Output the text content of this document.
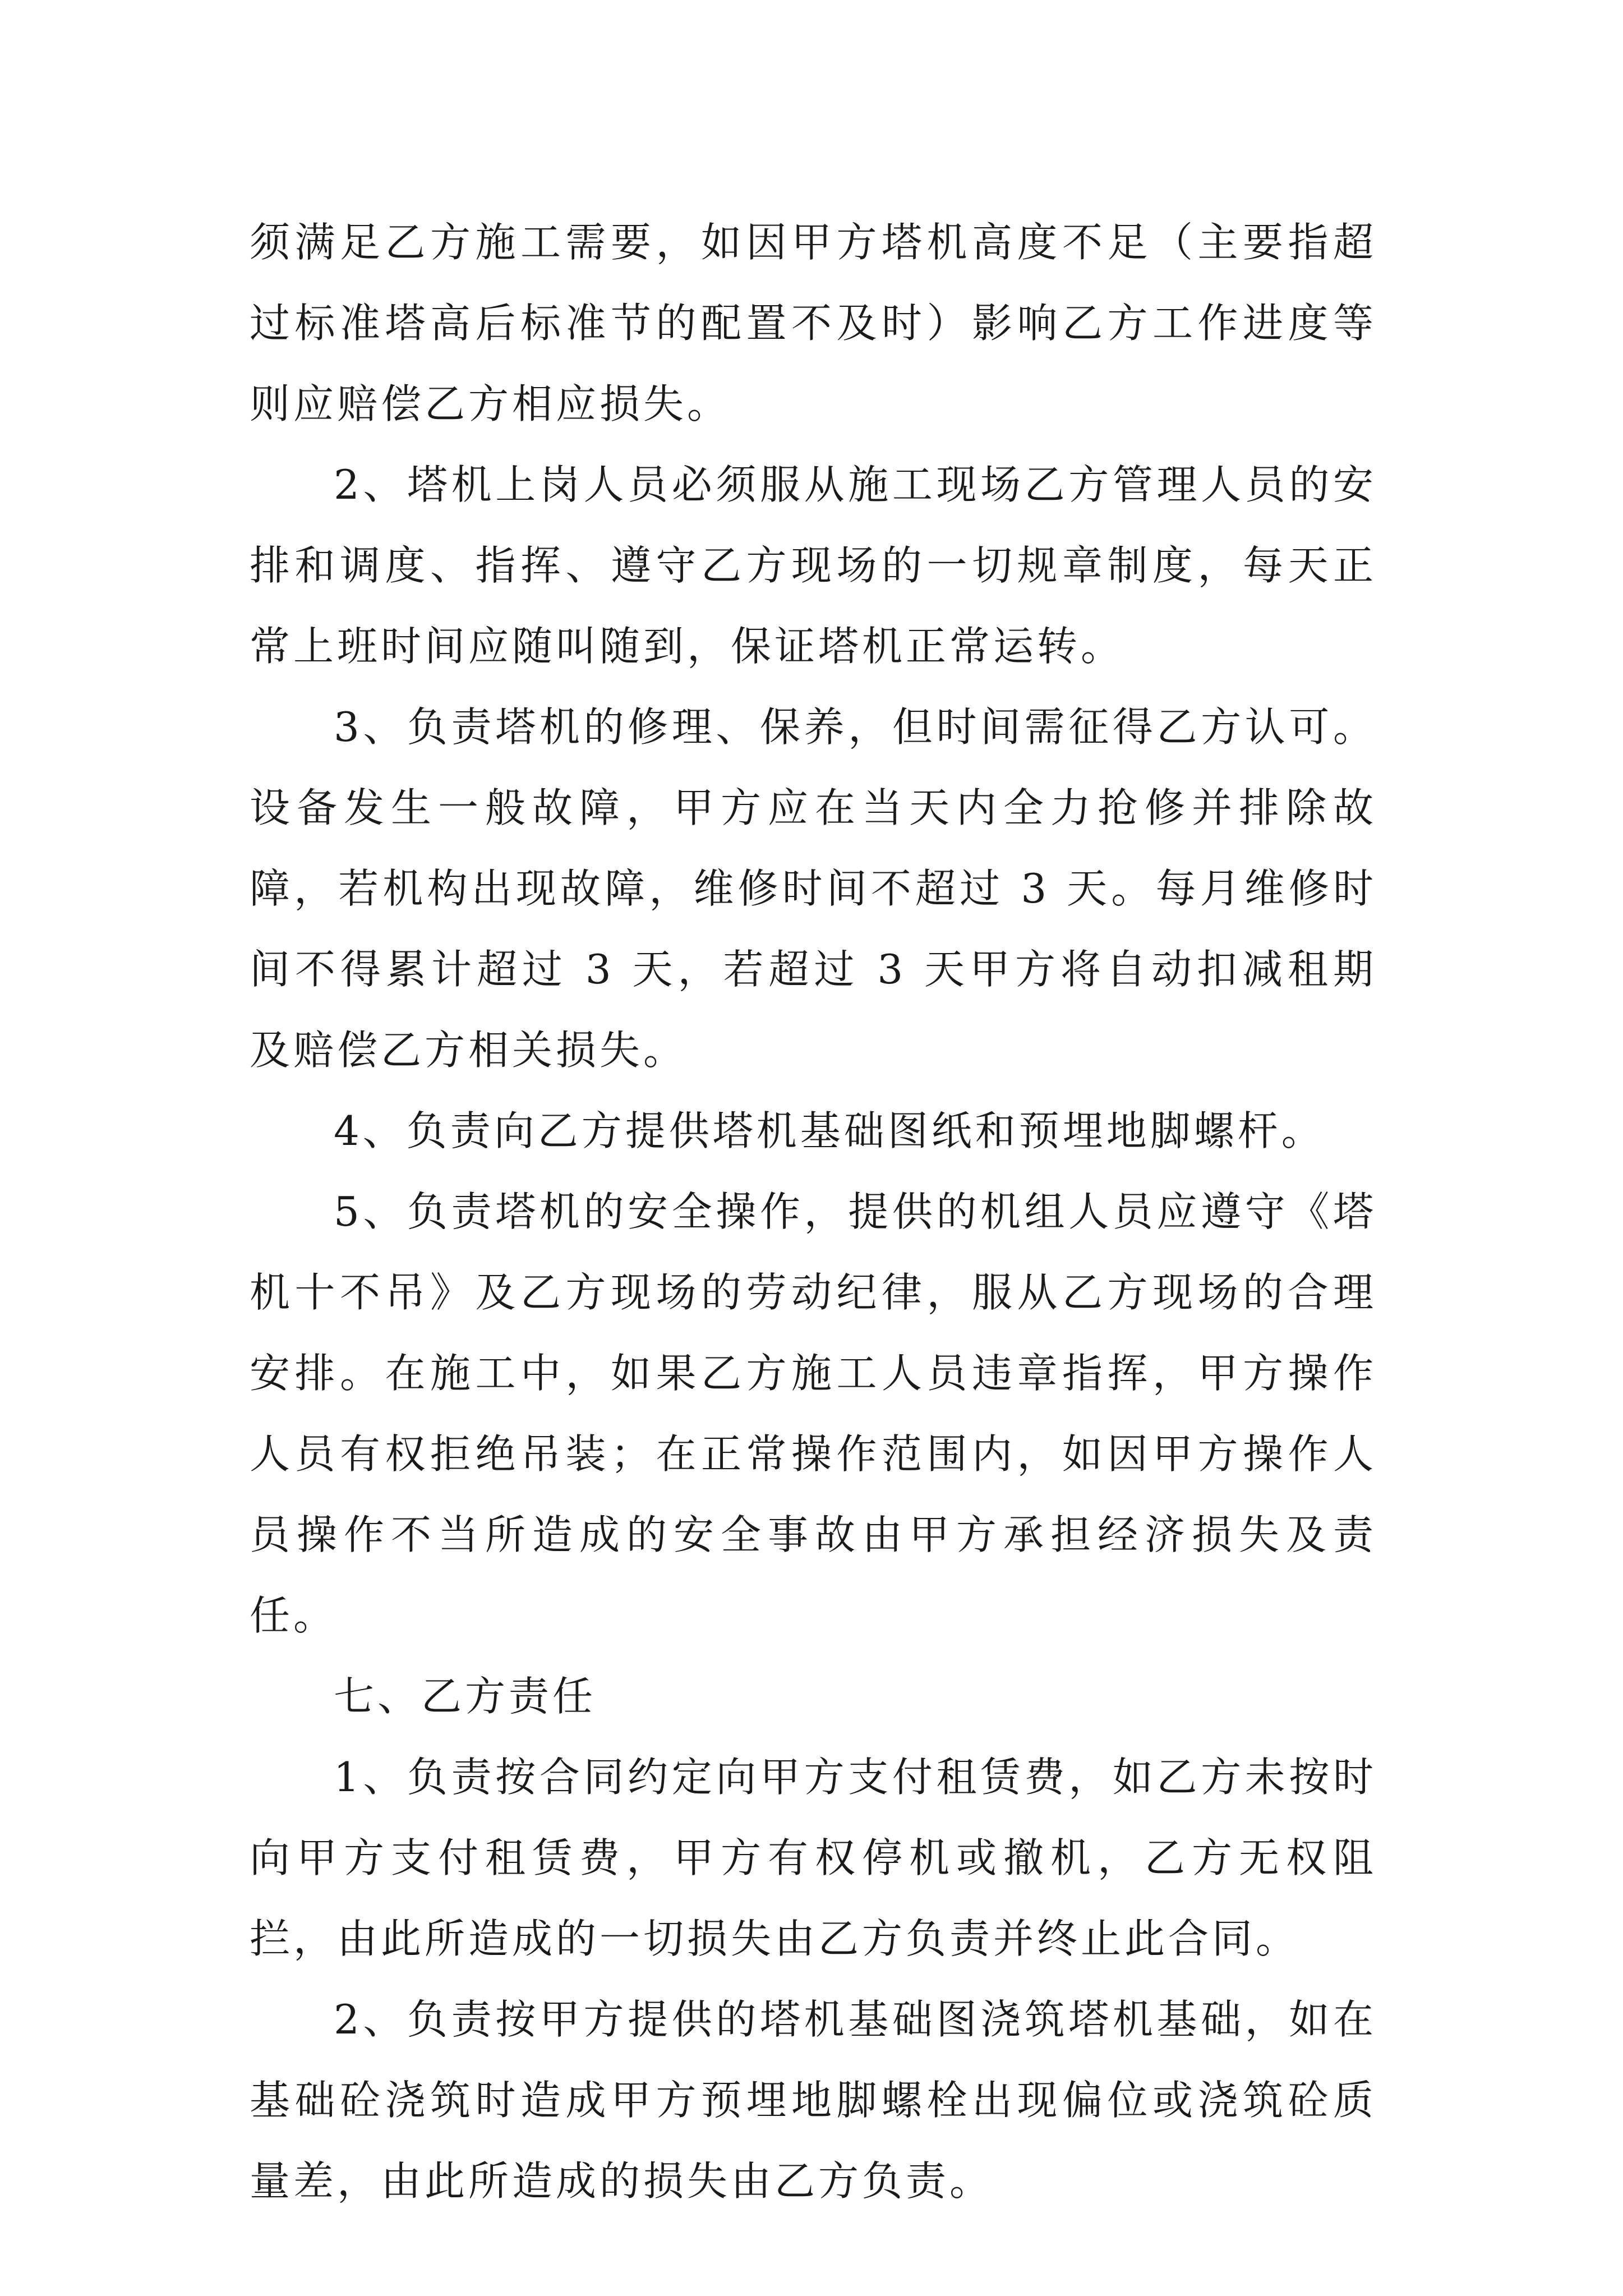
须满足乙方施工需要，如因甲方塔机高度不足（主要指超过标准塔高后标准节的配置不及时）影响乙方工作进度等则应赔偿乙方相应损失。

2、塔机上岗人员必须服从施工现场乙方管理人员的安排和调度、指挥、遵守乙方现场的一切规章制度，每天正常上班时间应随叫随到，保证塔机正常运转。

3、负责塔机的修理、保养，但时间需征得乙方认可。设备发生一般故障，甲方应在当天内全力抢修并排除故障，若机构出现故障，维修时间不超过 3 天。每月维修时间不得累计超过 3 天，若超过 3 天甲方将自动扣减租期及赔偿乙方相关损失。

4、负责向乙方提供塔机基础图纸和预埋地脚螺杆。

5、负责塔机的安全操作，提供的机组人员应遵守《塔机十不吊》及乙方现场的劳动纪律，服从乙方现场的合理安排。在施工中，如果乙方施工人员违章指挥，甲方操作人员有权拒绝吊装；在正常操作范围内，如因甲方操作人员操作不当所造成的安全事故由甲方承担经济损失及责任。

七、乙方责任

1、负责按合同约定向甲方支付租赁费，如乙方未按时向甲方支付租赁费，甲方有权停机或撤机，乙方无权阻拦，由此所造成的一切损失由乙方负责并终止此合同。

2、负责按甲方提供的塔机基础图浇筑塔机基础，如在基础砼浇筑时造成甲方预埋地脚螺栓出现偏位或浇筑砼质量差，由此所造成的损失由乙方负责。
